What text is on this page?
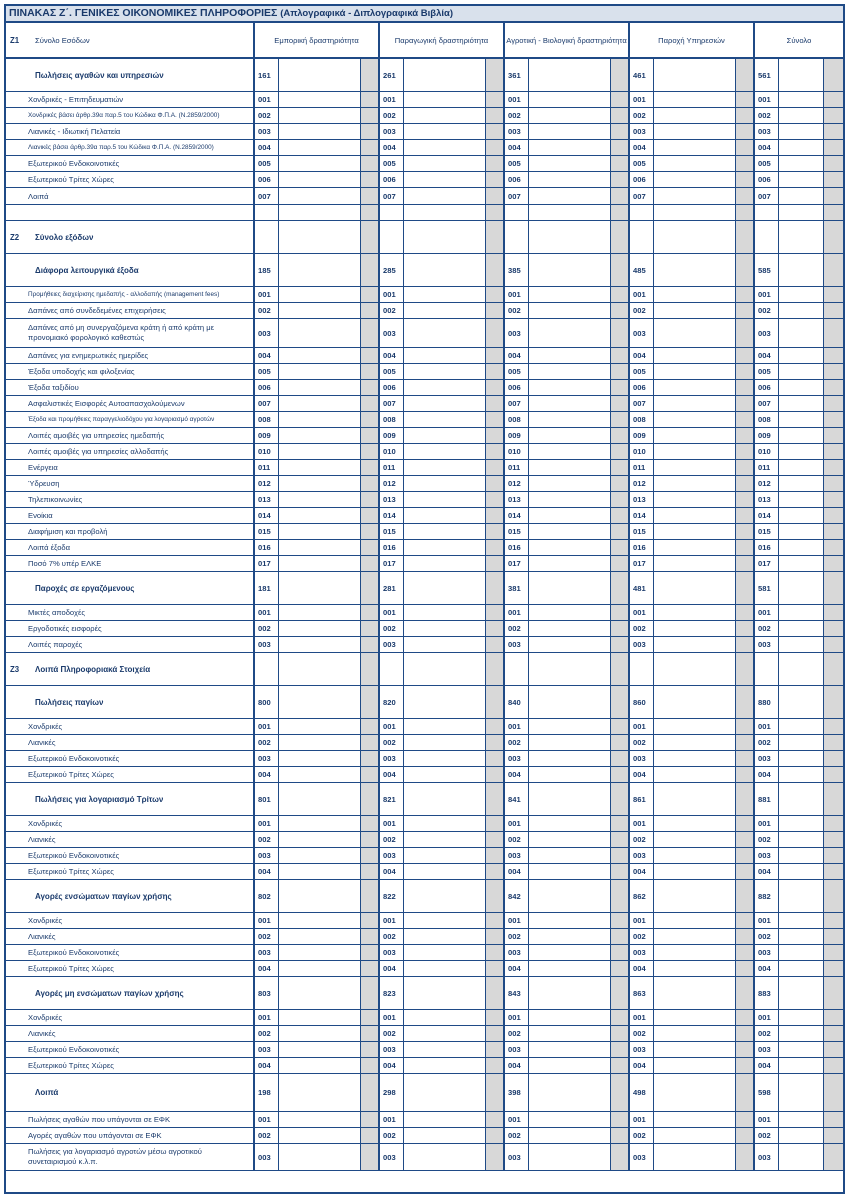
ΠΙΝΑΚΑΣ Ζ΄. ΓΕΝΙΚΕΣ ΟΙΚΟΝΟΜΙΚΕΣ ΠΛΗΡΟΦΟΡΙΕΣ (Απλογραφικά - Διπλογραφικά Βιβλία)
Ζ1 Σύνολο Εσόδων	Εμπορική δραστηριότητα	Παραγωγική δραστηριότητα	Αγροτική - Βιολογική δραστηριότητα	Παροχή Υπηρεσιών	Σύνολο
Πωλήσεις αγαθών και υπηρεσιών	161	261	361	461	561
Χονδρικές - Επιτηδευματιών	001	001	001	001	001
Χονδρικές βάσει άρθρ.39α παρ.5 του Κώδικα Φ.Π.Α. (Ν.2859/2000)	002	002	002	002	002
Λιανικές - Ιδιωτική Πελατεία	003	003	003	003	003
Λιανικές βάσει άρθρ.39α παρ.5 του Κώδικα Φ.Π.Α. (Ν.2859/2000)	004	004	004	004	004
Εξωτερικού Ενδοκοινοτικές	005	005	005	005	005
Εξωτερικού Τρίτες Χώρες	006	006	006	006	006
Λοιπά	007	007	007	007	007
Ζ2 Σύνολο εξόδων
Διάφορα λειτουργικά έξοδα	185	285	385	485	585
Προμήθειες διαχείρισης ημεδαπής - αλλοδαπής (management fees)	001	001	001	001	001
Δαπάνες από συνδεδεμένες επιχειρήσεις	002	002	002	002	002
Δαπάνες από μη συνεργαζόμενα κράτη ή από κράτη με προνομιακό φορολογικό καθεστώς	003	003	003	003	003
Δαπάνες για ενημερωτικές ημερίδες	004	004	004	004	004
Έξοδα υποδοχής και φιλοξενίας	005	005	005	005	005
Έξοδα ταξιδίου	006	006	006	006	006
Ασφαλιστικές Εισφορές Αυτοαπασχολούμενων	007	007	007	007	007
Έξοδα και προμήθειες παραγγελιοδόχου για λογαριασμό αγροτών	008	008	008	008	008
Λοιπές αμοιβές για υπηρεσίες ημεδαπής	009	009	009	009	009
Λοιπές αμοιβές για υπηρεσίες αλλοδαπής	010	010	010	010	010
Ενέργεια	011	011	011	011	011
Ύδρευση	012	012	012	012	012
Τηλεπικοινωνίες	013	013	013	013	013
Ενοίκια	014	014	014	014	014
Διαφήμιση και προβολή	015	015	015	015	015
Λοιπά έξοδα	016	016	016	016	016
Ποσό 7% υπέρ ΕΛΚΕ	017	017	017	017	017
Παροχές σε εργαζόμενους	181	281	381	481	581
Μικτές αποδοχές	001	001	001	001	001
Εργοδοτικές εισφορές	002	002	002	002	002
Λοιπές παροχές	003	003	003	003	003
Ζ3 Λοιπά Πληροφοριακά Στοιχεία
Πωλήσεις παγίων	800	820	840	860	880
Χονδρικές	001	001	001	001	001
Λιανικές	002	002	002	002	002
Εξωτερικού Ενδοκοινοτικές	003	003	003	003	003
Εξωτερικού Τρίτες Χώρες	004	004	004	004	004
Πωλήσεις για λογαριασμό Τρίτων	801	821	841	861	881
Χονδρικές	001	001	001	001	001
Λιανικές	002	002	002	002	002
Εξωτερικού Ενδοκοινοτικές	003	003	003	003	003
Εξωτερικού Τρίτες Χώρες	004	004	004	004	004
Αγορές ενσώματων παγίων χρήσης	802	822	842	862	882
Χονδρικές	001	001	001	001	001
Λιανικές	002	002	002	002	002
Εξωτερικού Ενδοκοινοτικές	003	003	003	003	003
Εξωτερικού Τρίτες Χώρες	004	004	004	004	004
Αγορές μη ενσώματων παγίων χρήσης	803	823	843	863	883
Χονδρικές	001	001	001	001	001
Λιανικές	002	002	002	002	002
Εξωτερικού Ενδοκοινοτικές	003	003	003	003	003
Εξωτερικού Τρίτες Χώρες	004	004	004	004	004
Λοιπά	198	298	398	498	598
Πωλήσεις αγαθών που υπάγονται σε ΕΦΚ	001	001	001	001	001
Αγορές αγαθών που υπάγονται σε ΕΦΚ	002	002	002	002	002
Πωλήσεις για λογαριασμό αγροτών μέσω αγροτικού συνεταιρισμού κ.λ.π.	003	003	003	003	003
